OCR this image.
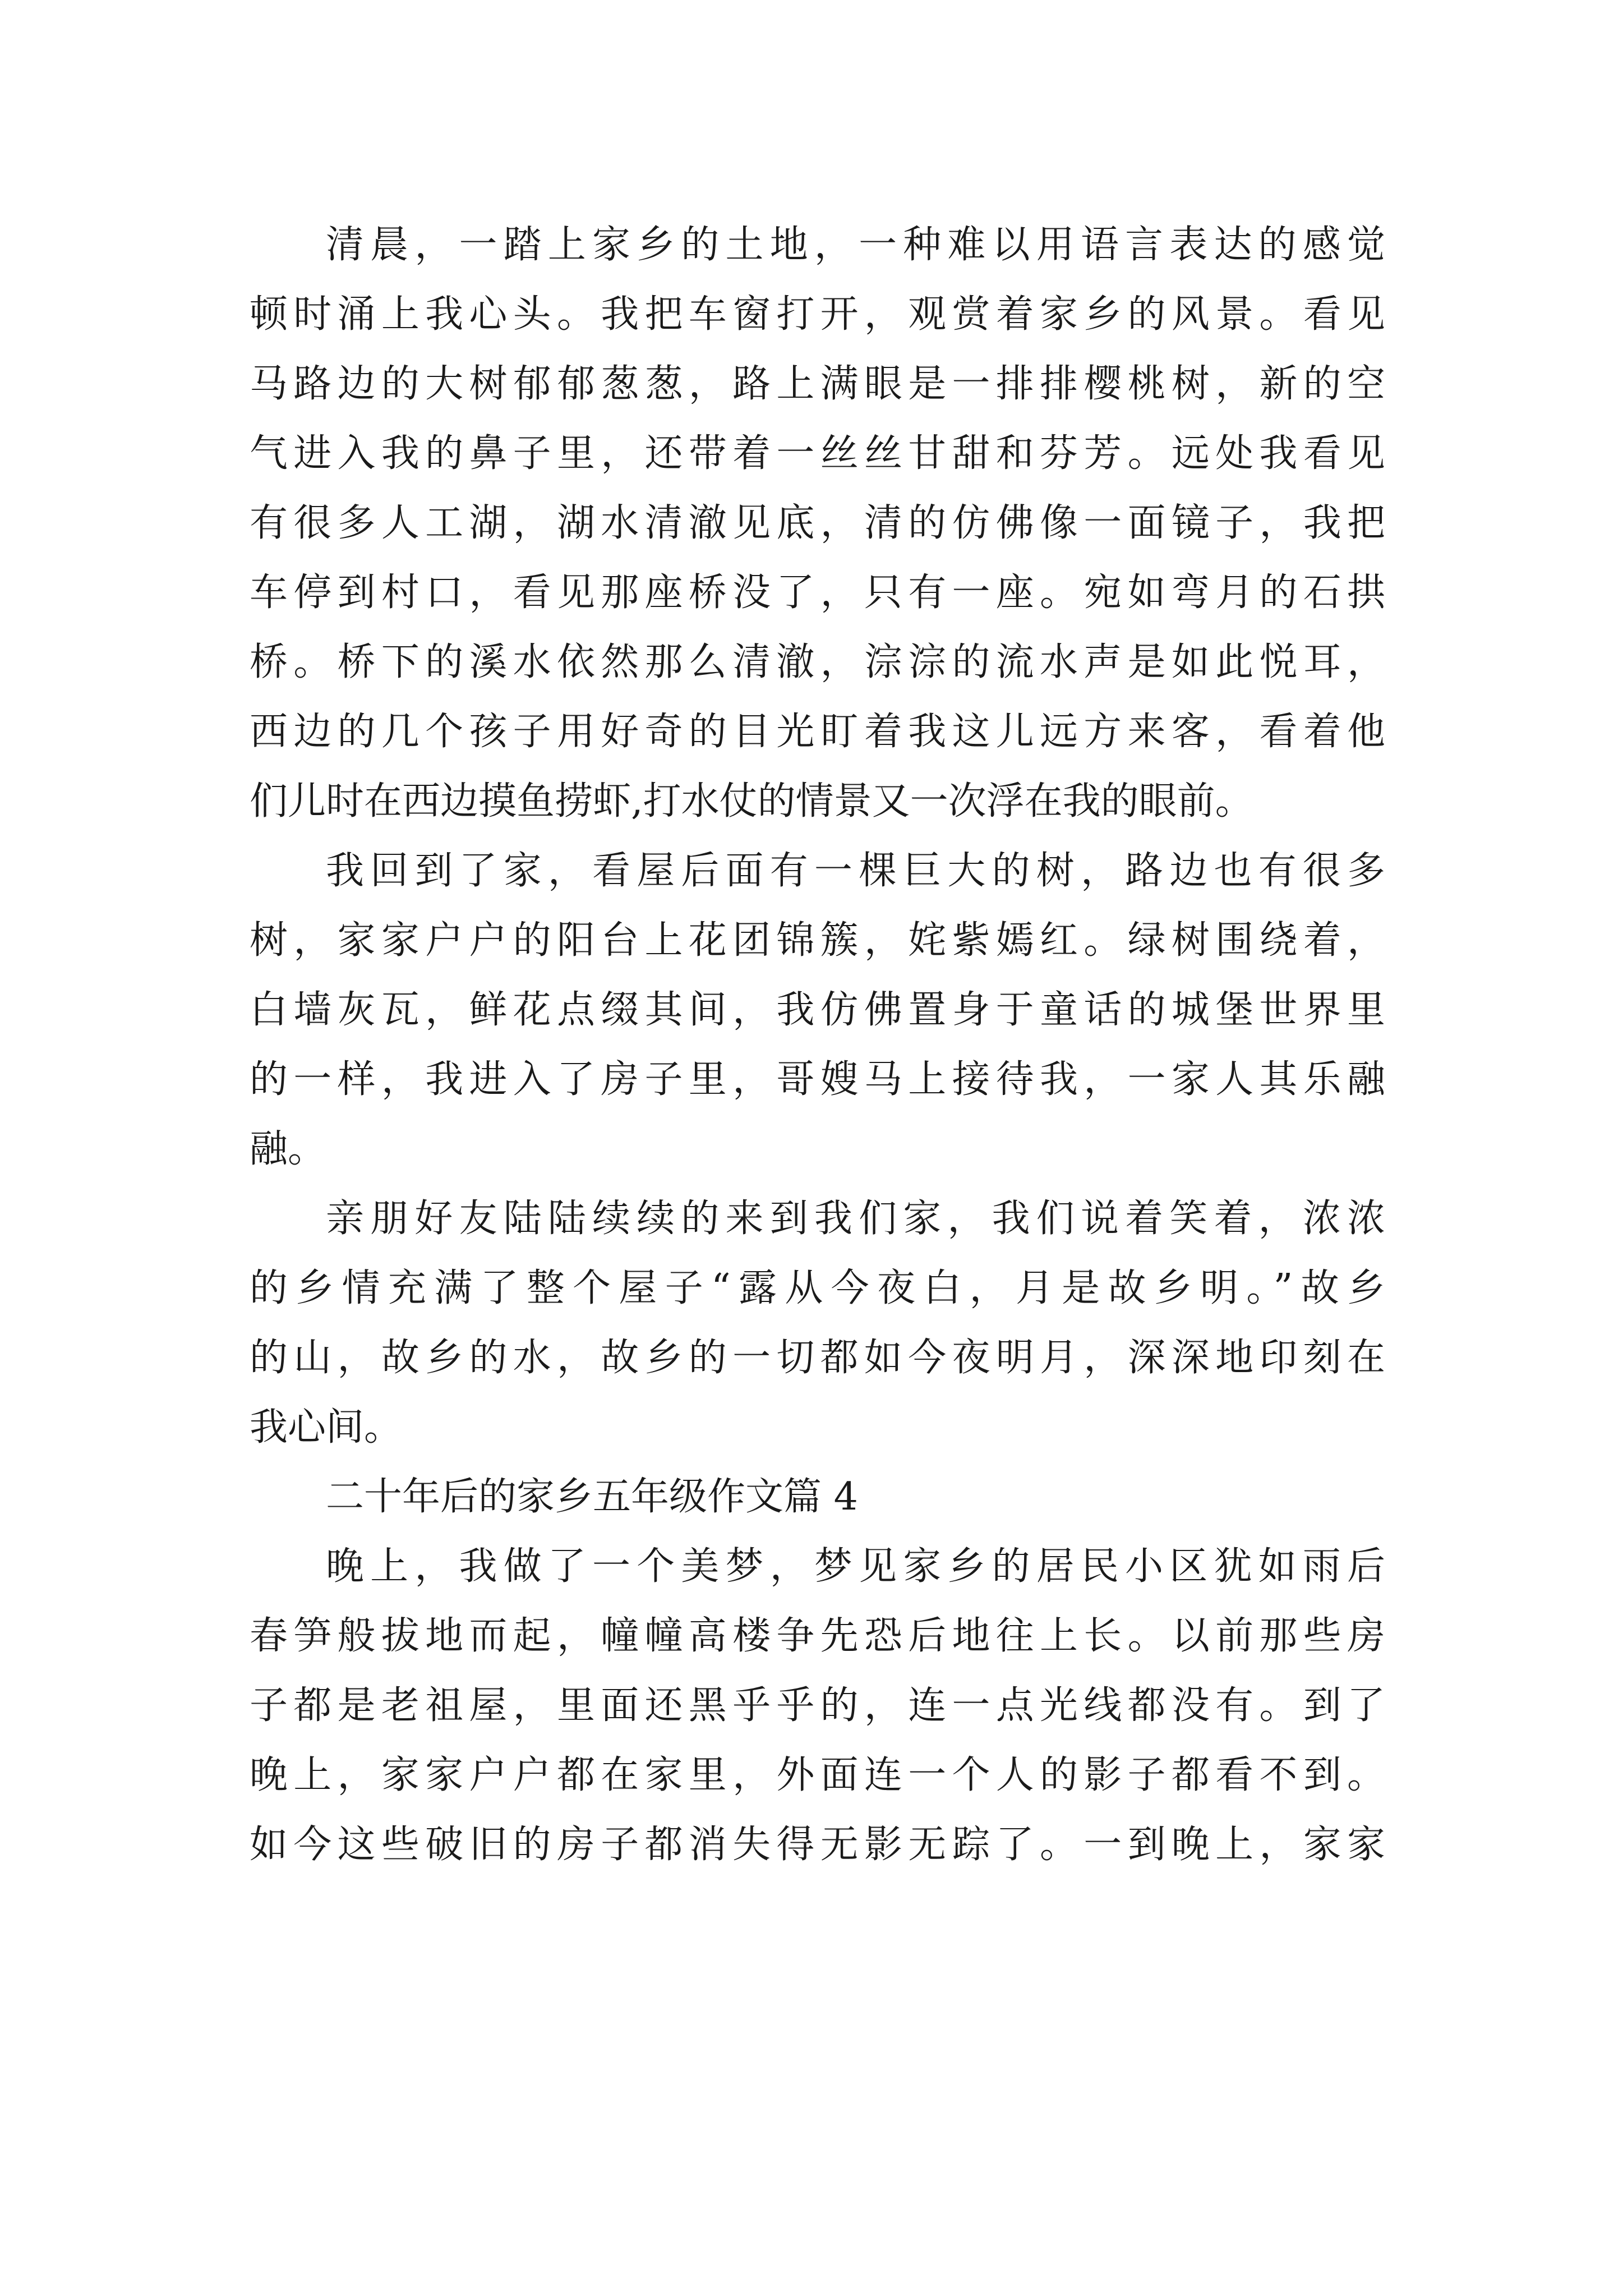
清晨，一踏上家乡的土地，一种难以用语言表达的感觉
顿时涌上我心头。我把车窗打开，观赏着家乡的风景。看见
马路边的大树郁郁葱葱，路上满眼是一排排樱桃树，新的空
气进入我的鼻子里，还带着一丝丝甘甜和芬芳。远处我看见
有很多人工湖，湖水清澈见底，清的仿佛像一面镜子，我把
车停到村口，看见那座桥没了，只有一座。宛如弯月的石拱
桥。桥下的溪水依然那么清澈，淙淙的流水声是如此悦耳，
西边的几个孩子用好奇的目光盯着我这儿远方来客，看着他
们儿时在西边摸鱼捞虾,打水仗的情景又一次浮在我的眼前。
我回到了家，看屋后面有一棵巨大的树，路边也有很多
树，家家户户的阳台上花团锦簇，姹紫嫣红。绿树围绕着，
白墙灰瓦，鲜花点缀其间，我仿佛置身于童话的城堡世界里
的一样，我进入了房子里，哥嫂马上接待我，一家人其乐融
融。
亲朋好友陆陆续续的来到我们家，我们说着笑着，浓浓
的乡情充满了整个屋子“露从今夜白，月是故乡明。”故乡
的山，故乡的水，故乡的一切都如今夜明月，深深地印刻在
我心间。
二十年后的家乡五年级作文篇 4
晚上，我做了一个美梦，梦见家乡的居民小区犹如雨后
春笋般拔地而起，幢幢高楼争先恐后地往上长。以前那些房
子都是老祖屋，里面还黑乎乎的，连一点光线都没有。到了
晚上，家家户户都在家里，外面连一个人的影子都看不到。
如今这些破旧的房子都消失得无影无踪了。一到晚上，家家
